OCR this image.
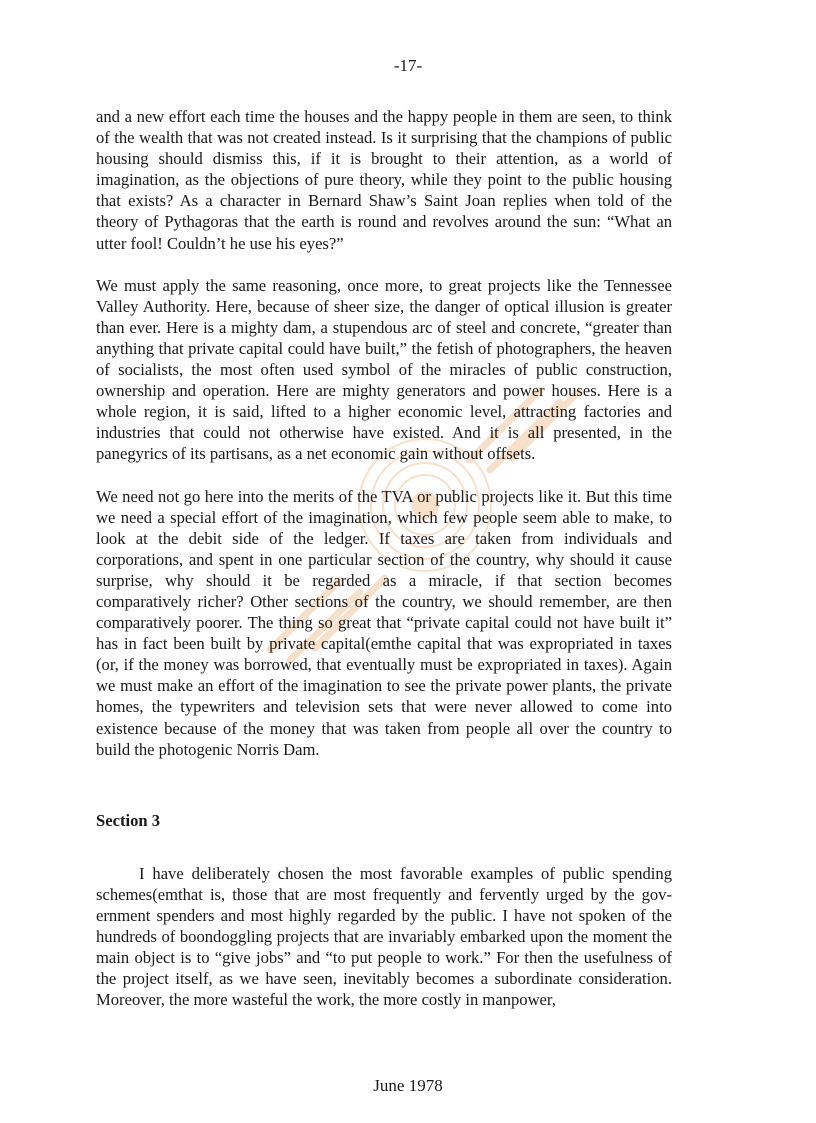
-17-

and a new effort each time the houses and the happy people in them are seen, to think of the wealth that was not created instead. Is it surprising that the champions of public housing should dismiss this, if it is brought to their attention, as a world of imagination, as the objections of pure theory, while they point to the public housing that exists? As a character in Bernard Shaw’s Saint Joan replies when told of the theory of Pythagoras that the earth is round and revolves around the sun: “What an utter fool! Couldn’t he use his eyes?”

We must apply the same reasoning, once more, to great projects like the Tennessee Valley Authority. Here, because of sheer size, the danger of optical illusion is greater than ever. Here is a mighty dam, a stupendous arc of steel and concrete, “greater than anything that private capital could have built,” the fetish of photographers, the heaven of socialists, the most often used symbol of the miracles of public construction, ownership and operation. Here are mighty generators and power houses. Here is a whole region, it is said, lifted to a higher economic level, attracting factories and industries that could not otherwise have existed. And it is all presented, in the panegyrics of its partisans, as a net economic gain without offsets.

We need not go here into the merits of the TVA or public projects like it. But this time we need a special effort of the imagination, which few people seem able to make, to look at the debit side of the ledger. If taxes are taken from individuals and corporations, and spent in one particular section of the country, why should it cause surprise, why should it be regarded as a miracle, if that section becomes comparatively richer? Other sections of the country, we should remember, are then comparatively poorer. The thing so great that “private capital could not have built it” has in fact been built by private capital(emthe capital that was expropriated in taxes (or, if the money was borrowed, that eventually must be expropriated in taxes). Again we must make an effort of the imagination to see the private power plants, the private homes, the typewriters and television sets that were never allowed to come into existence because of the money that was taken from people all over the country to build the photogenic Norris Dam.

Section 3

I have deliberately chosen the most favorable examples of public spending schemes(emthat is, those that are most frequently and fervently urged by the government spenders and most highly regarded by the public. I have not spoken of the hundreds of boondoggling projects that are invariably embarked upon the moment the main object is to “give jobs” and “to put people to work.” For then the usefulness of the project itself, as we have seen, inevitably becomes a subordinate consideration. Moreover, the more wasteful the work, the more costly in manpower,

June 1978
